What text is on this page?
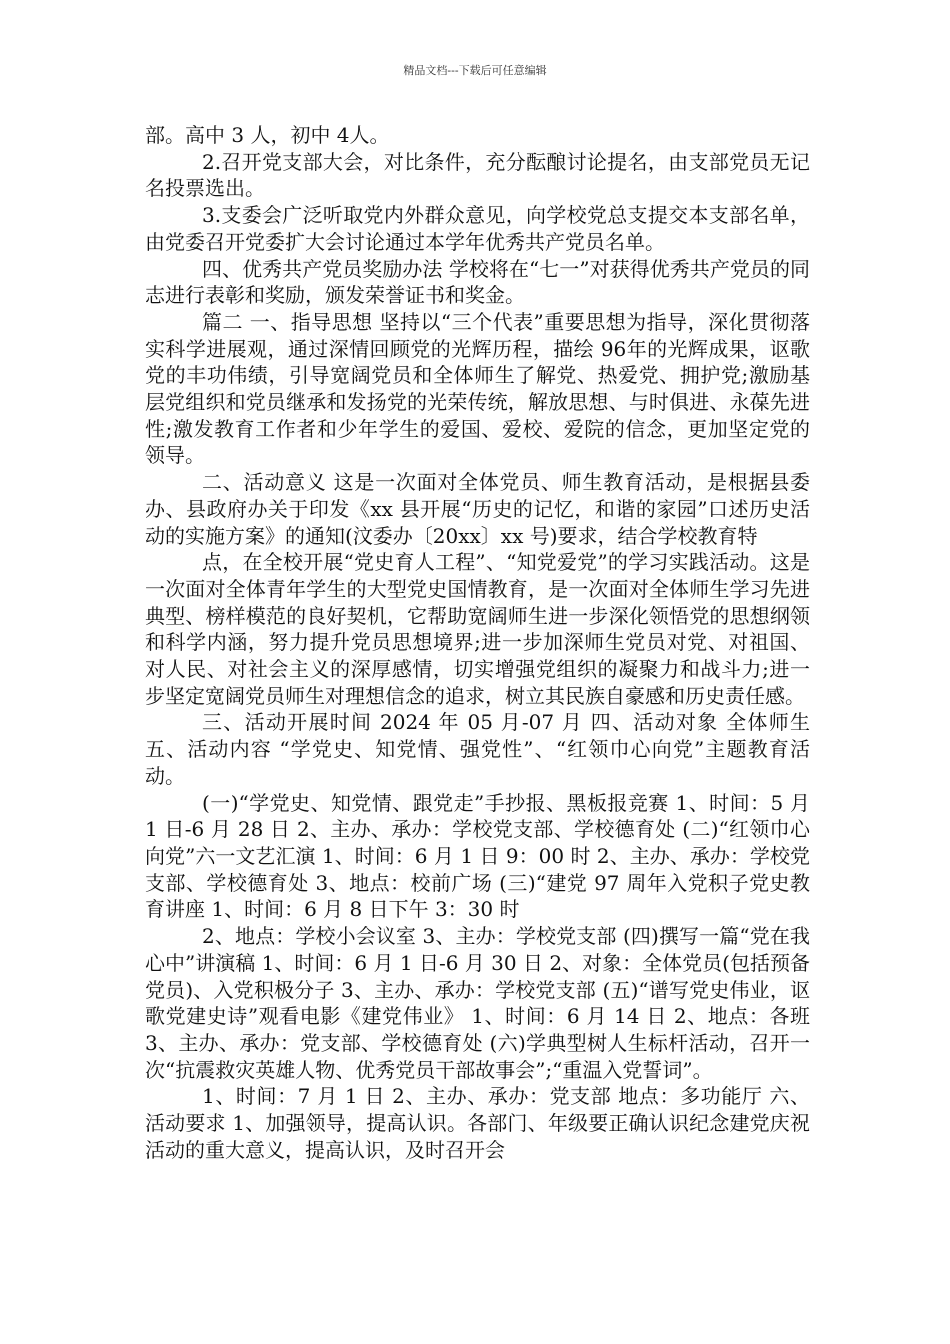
精品文档---下载后可任意编辑

部。高中 3 人，初中 4人。

2.召开党支部大会，对比条件，充分酝酿讨论提名，由支部党员无记名投票选出。

3.支委会广泛听取党内外群众意见，向学校党总支提交本支部名单，由党委召开党委扩大会讨论通过本学年优秀共产党员名单。

四、优秀共产党员奖励办法 学校将在“七一”对获得优秀共产党员的同志进行表彰和奖励，颁发荣誉证书和奖金。

篇二 一、指导思想 坚持以“三个代表”重要思想为指导，深化贯彻落实科学进展观，通过深情回顾党的光辉历程，描绘 96年的光辉成果，讴歌党的丰功伟绩，引导宽阔党员和全体师生了解党、热爱党、拥护党;激励基层党组织和党员继承和发扬党的光荣传统，解放思想、与时俱进、永葆先进性;激发教育工作者和少年学生的爱国、爱校、爱院的信念，更加坚定党的领导。

二、活动意义 这是一次面对全体党员、师生教育活动，是根据县委办、县政府办关于印发《xx 县开展“历史的记忆，和谐的家园”口述历史活动的实施方案》的通知(汶委办〔20xx〕xx 号)要求，结合学校教育特

点，在全校开展“党史育人工程”、“知党爱党”的学习实践活动。这是一次面对全体青年学生的大型党史国情教育，是一次面对全体师生学习先进典型、榜样模范的良好契机，它帮助宽阔师生进一步深化领悟党的思想纲领和科学内涵，努力提升党员思想境界;进一步加深师生党员对党、对祖国、对人民、对社会主义的深厚感情，切实增强党组织的凝聚力和战斗力;进一步坚定宽阔党员师生对理想信念的追求，树立其民族自豪感和历史责任感。

三、活动开展时间 2024 年 05 月-07 月 四、活动对象 全体师生 五、活动内容 “学党史、知党情、强党性”、“红领巾心向党”主题教育活动。

(一)“学党史、知党情、跟党走”手抄报、黑板报竞赛 1、时间：5 月 1 日-6 月 28 日 2、主办、承办：学校党支部、学校德育处 (二)“红领巾心向党”六一文艺汇演 1、时间：6 月 1 日 9：00 时 2、主办、承办：学校党支部、学校德育处 3、地点：校前广场 (三)“建党 97 周年入党积子党史教育讲座 1、时间：6 月 8 日下午 3：30 时

2、地点：学校小会议室 3、主办：学校党支部 (四)撰写一篇“党在我心中”讲演稿 1、时间：6 月 1 日-6 月 30 日 2、对象：全体党员(包括预备党员)、入党积极分子 3、主办、承办：学校党支部 (五)“谱写党史伟业，讴歌党建史诗”观看电影《建党伟业》 1、时间：6 月 14 日 2、地点：各班 3、主办、承办：党支部、学校德育处 (六)学典型树人生标杆活动，召开一次“抗震救灾英雄人物、优秀党员干部故事会”;“重温入党誓词”。

1、时间：7 月 1 日 2、主办、承办：党支部 地点：多功能厅 六、活动要求 1、加强领导，提高认识。各部门、年级要正确认识纪念建党庆祝活动的重大意义，提高认识，及时召开会
